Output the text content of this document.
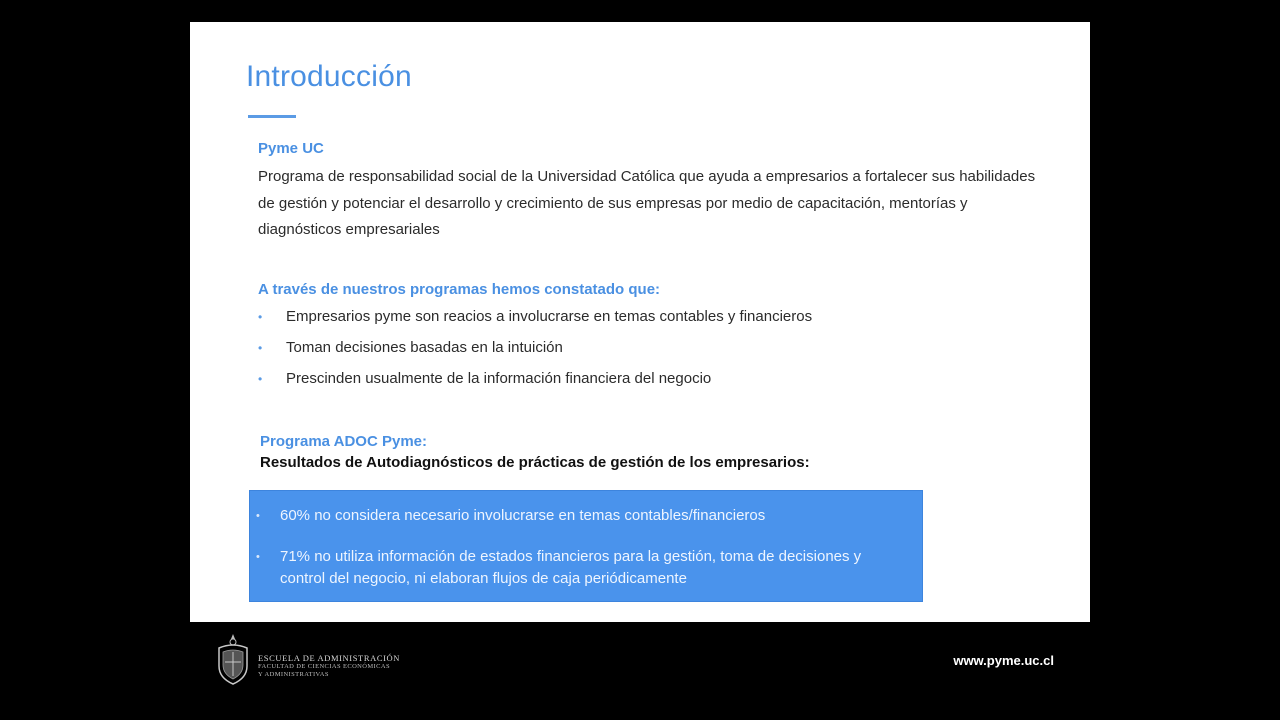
Introducción
Pyme UC
Programa de responsabilidad social de la Universidad Católica que ayuda a empresarios a fortalecer sus habilidades de gestión y potenciar el desarrollo y crecimiento de sus empresas por medio de capacitación, mentorías y diagnósticos empresariales
A través de nuestros programas hemos constatado que:
• Empresarios pyme son reacios a involucrarse en temas contables y financieros
• Toman decisiones basadas en la intuición
• Prescinden usualmente de la información financiera del negocio
Programa ADOC Pyme:
Resultados de Autodiagnósticos de prácticas de gestión de los empresarios:
• 60% no considera necesario involucrarse en temas contables/financieros
• 71% no utiliza información de estados financieros para la gestión, toma de decisiones y control del negocio, ni elaboran flujos de caja periódicamente
ESCUELA DE ADMINISTRACIÓN
FACULTAD DE CIENCIAS ECONÓMICAS
Y ADMINISTRATIVAS
www.pyme.uc.cl
